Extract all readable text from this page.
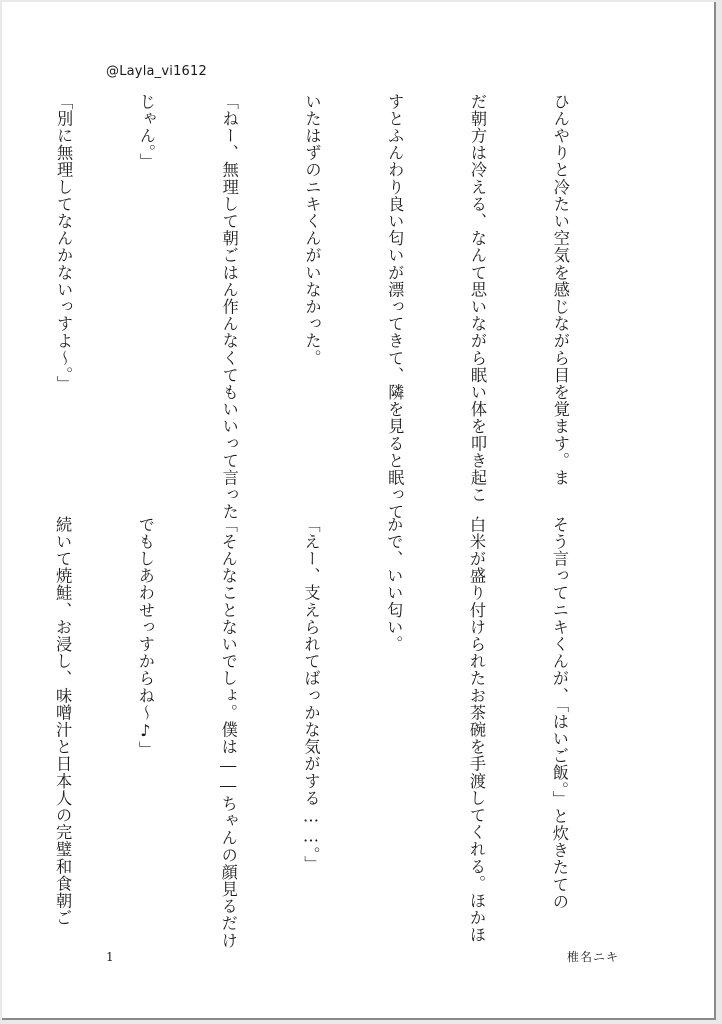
@Layla_vi1612

ひんやりと冷たい空気を感じながら目を覚ます。ま

だ朝方は冷える、なんて思いながら眠い体を叩き起こ

すとふんわり良い匂いが漂ってきて、隣を見ると眠って

いたはずのニキくんがいなかった。

「ねー、無理して朝ごはん作んなくてもいいって言った

じゃん。」

「別に無理してなんかないっすよ〜。」

そう言ってニキくんが、「はいご飯。」と炊きたての

白米が盛り付けられたお茶碗を手渡してくれる。ほかほ

かで、いい匂い。

「えー、支えられてばっかな気がする……。」

「そんなことないでしょ。僕は――ちゃんの顔見るだけ

でもしあわせっすからね〜♪」

続いて焼鮭、お浸し、味噌汁と日本人の完璧和食朝ご

1	椎名ニキ
